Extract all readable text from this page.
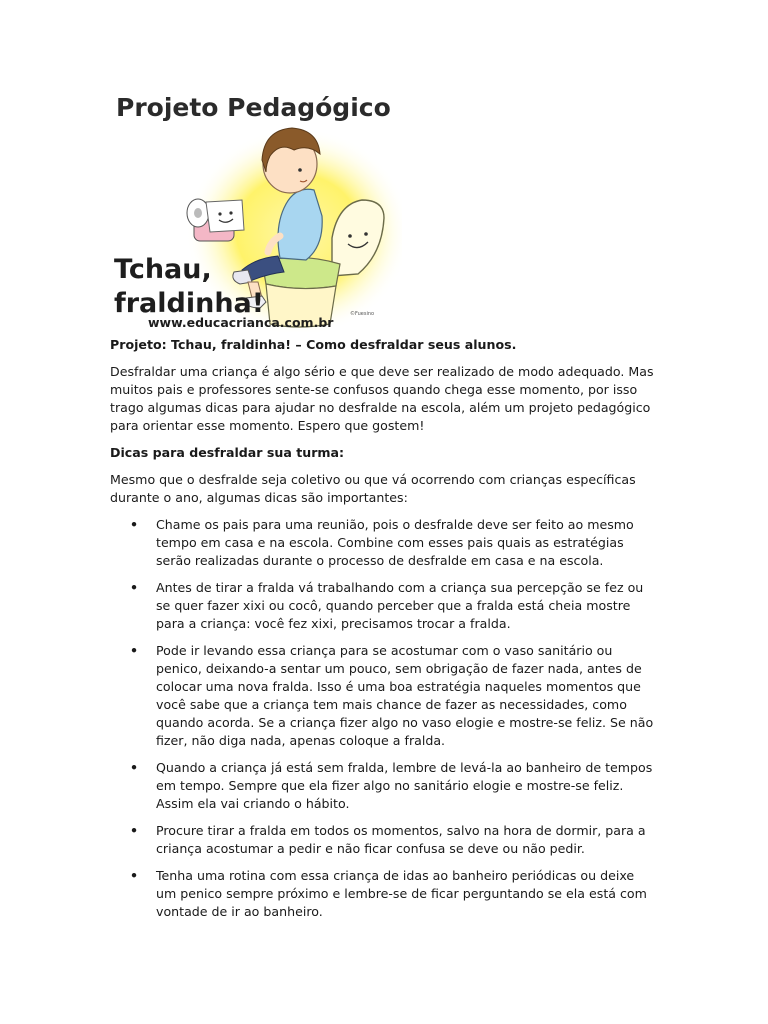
Projeto Pedagógico
Tchau,
fraldinha!
www.educacrianca.com.br
©Fuesino

Projeto: Tchau, fraldinha! – Como desfraldar seus alunos.

Desfraldar uma criança é algo sério e que deve ser realizado de modo adequado. Mas muitos pais e professores sente-se confusos quando chega esse momento, por isso trago algumas dicas para ajudar no desfralde na escola, além um projeto pedagógico para orientar esse momento. Espero que gostem!

Dicas para desfraldar sua turma:

Mesmo que o desfralde seja coletivo ou que vá ocorrendo com crianças específicas durante o ano, algumas dicas são importantes:

• Chame os pais para uma reunião, pois o desfralde deve ser feito ao mesmo tempo em casa e na escola. Combine com esses pais quais as estratégias serão realizadas durante o processo de desfralde em casa e na escola.
• Antes de tirar a fralda vá trabalhando com a criança sua percepção se fez ou se quer fazer xixi ou cocô, quando perceber que a fralda está cheia mostre para a criança: você fez xixi, precisamos trocar a fralda.
• Pode ir levando essa criança para se acostumar com o vaso sanitário ou penico, deixando-a sentar um pouco, sem obrigação de fazer nada, antes de colocar uma nova fralda. Isso é uma boa estratégia naqueles momentos que você sabe que a criança tem mais chance de fazer as necessidades, como quando acorda. Se a criança fizer algo no vaso elogie e mostre-se feliz. Se não fizer, não diga nada, apenas coloque a fralda.
• Quando a criança já está sem fralda, lembre de levá-la ao banheiro de tempos em tempo. Sempre que ela fizer algo no sanitário elogie e mostre-se feliz. Assim ela vai criando o hábito.
• Procure tirar a fralda em todos os momentos, salvo na hora de dormir, para a criança acostumar a pedir e não ficar confusa se deve ou não pedir.
• Tenha uma rotina com essa criança de idas ao banheiro periódicas ou deixe um penico sempre próximo e lembre-se de ficar perguntando se ela está com vontade de ir ao banheiro.
